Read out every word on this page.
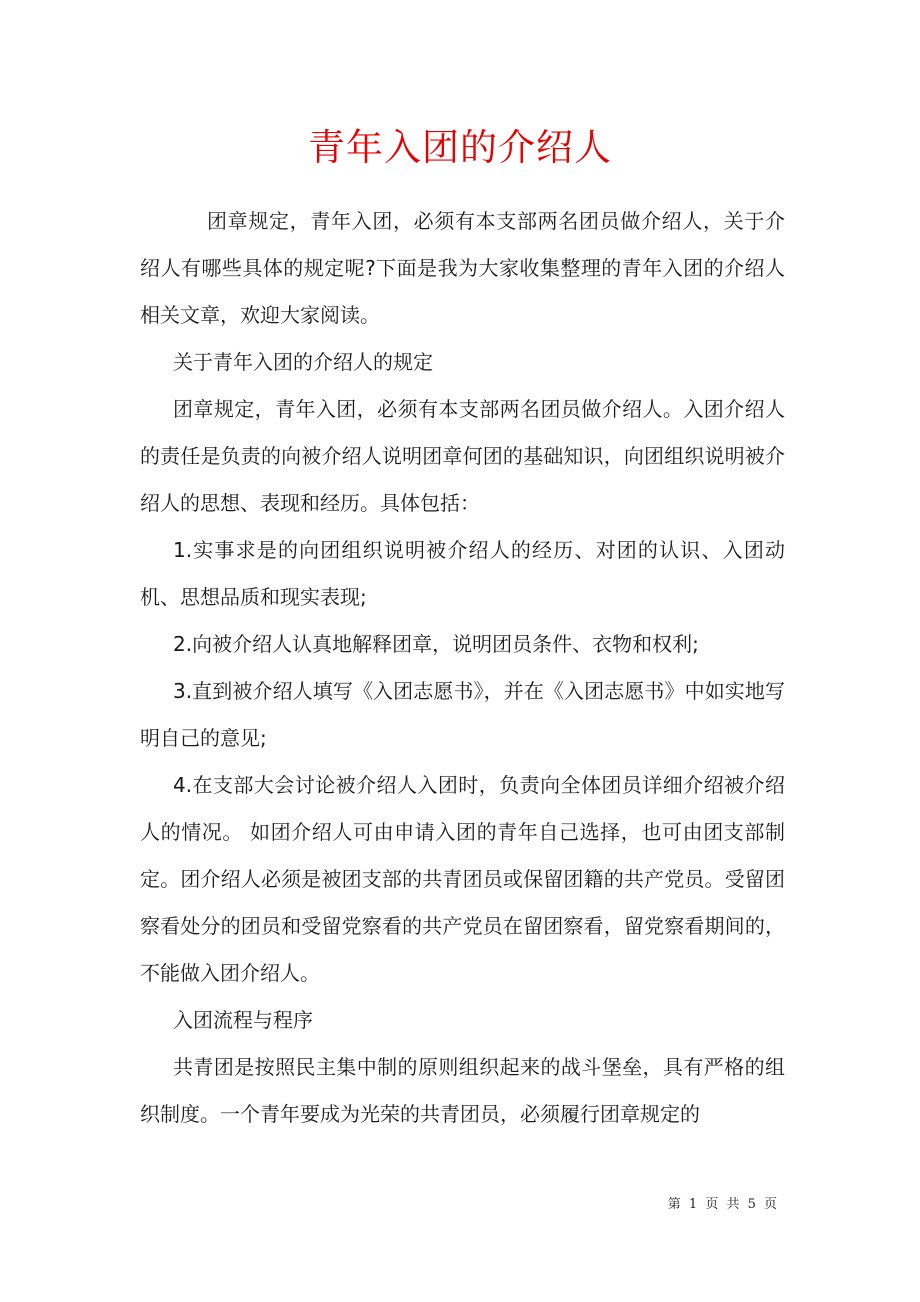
青年入团的介绍人

团章规定，青年入团，必须有本支部两名团员做介绍人，关于介绍人有哪些具体的规定呢?下面是我为大家收集整理的青年入团的介绍人相关文章，欢迎大家阅读。

关于青年入团的介绍人的规定

团章规定，青年入团，必须有本支部两名团员做介绍人。入团介绍人的责任是负责的向被介绍人说明团章何团的基础知识，向团组织说明被介绍人的思想、表现和经历。具体包括：

1.实事求是的向团组织说明被介绍人的经历、对团的认识、入团动机、思想品质和现实表现;

2.向被介绍人认真地解释团章，说明团员条件、衣物和权利;

3.直到被介绍人填写《入团志愿书》，并在《入团志愿书》中如实地写明自己的意见;

4.在支部大会讨论被介绍人入团时，负责向全体团员详细介绍被介绍人的情况。 如团介绍人可由申请入团的青年自己选择，也可由团支部制定。团介绍人必须是被团支部的共青团员或保留团籍的共产党员。受留团察看处分的团员和受留党察看的共产党员在留团察看，留党察看期间的，不能做入团介绍人。

入团流程与程序

共青团是按照民主集中制的原则组织起来的战斗堡垒，具有严格的组织制度。一个青年要成为光荣的共青团员，必须履行团章规定的

第 1 页 共 5 页
